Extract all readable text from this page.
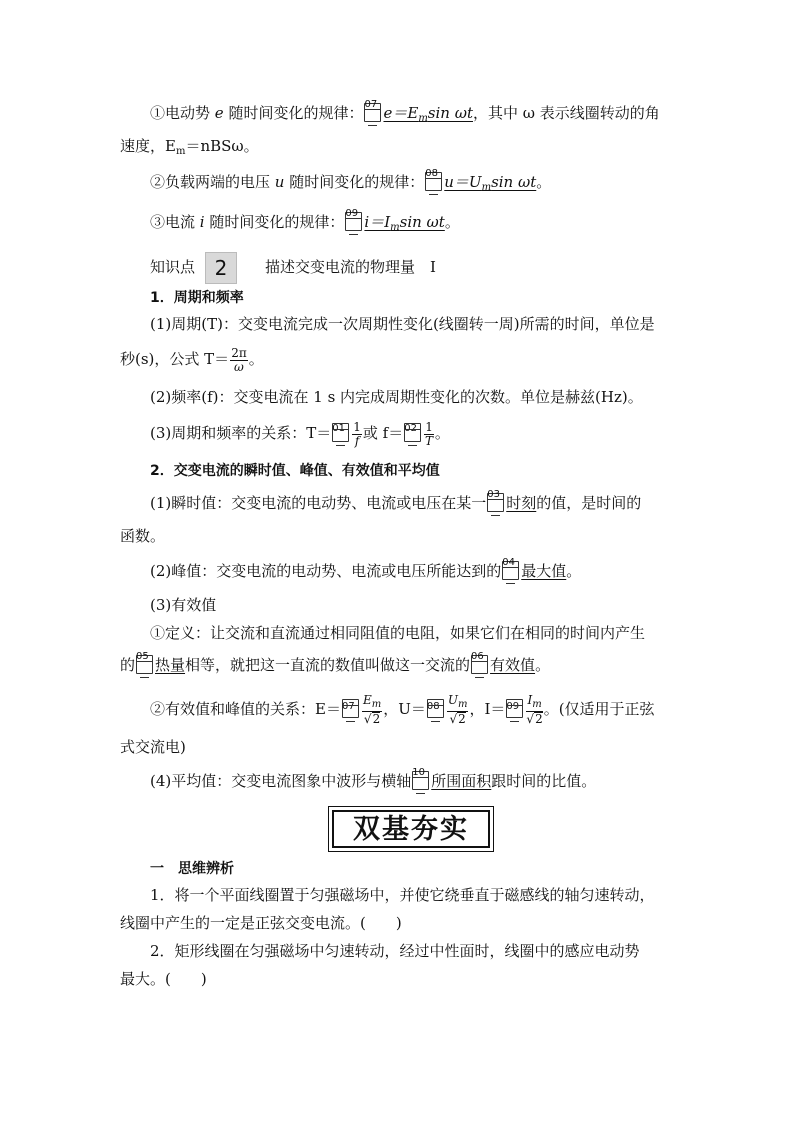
①电动势 e 随时间变化的规律： 07 $e=E_m\sin$ ωt，其中 ω 表示线圈转动的角
速度，$E_m=nBS\omega$。
②负载两端的电压 u 随时间变化的规律： 08 $u=U_m\sin$ ωt。
③电流 i 随时间变化的规律： 09 $i=I_m\sin$ ωt。
知识点 2	描述交变电流的物理量　Ⅰ
1．周期和频率
(1)周期(T)：交变电流完成一次周期性变化(线圈转一周)所需的时间，单位是
秒(s)，公式 $T= \frac{2\pi}{\omega}$ 。
(2)频率(f)：交变电流在 1 s 内完成周期性变化的次数。单位是赫兹(Hz)。
(3)周期和频率的关系：$T= 01 \frac{1}{f}$ 或 $f= 02 \frac{1}{T}$ 。
2．交变电流的瞬时值、峰值、有效值和平均值
(1)瞬时值：交变电流的电动势、电流或电压在某一 03 时刻的值，是时间的
函数。
(2)峰值：交变电流的电动势、电流或电压所能达到的 04 最大值。
(3)有效值
①定义：让交流和直流通过相同阻值的电阻，如果它们在相同的时间内产生
的 05 热量相等，就把这一直流的数值叫做这一交流的 06 有效值。
②有效值和峰值的关系：$E= 07 \frac{E_m}{√2}$ ，$U= 08 \frac{U_m}{√2}$ ，$I= 09 \frac{I_m}{√2}$ 。(仅适用于正弦
式交流电)
(4)平均值：交变电流图象中波形与横轴 10 所围面积跟时间的比值。
双基夯实
一　思维辨析
1．将一个平面线圈置于匀强磁场中，并使它绕垂直于磁感线的轴匀速转动，
线圈中产生的一定是正弦交变电流。(　　)
2．矩形线圈在匀强磁场中匀速转动，经过中性面时，线圈中的感应电动势
最大。(　　)
